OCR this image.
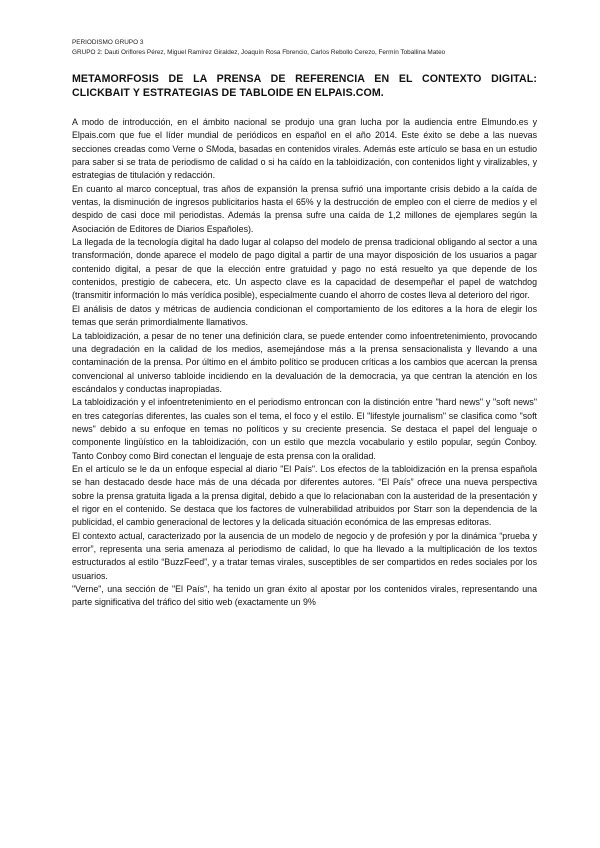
PERIODISMO GRUPO 3
GRUPO 2: Dauti Oriflores Pérez, Miguel Ramírez Giraldez, Joaquín Rosa Fbrencio, Carlos Rebollo Cerezo, Fermín Toballina Mateo
METAMORFOSIS DE LA PRENSA DE REFERENCIA EN EL CONTEXTO DIGITAL: CLICKBAIT Y ESTRATEGIAS DE TABLOIDE EN ELPAIS.COM.

A modo de introducción, en el ámbito nacional se produjo una gran lucha por la audiencia entre Elmundo.es y Elpais.com que fue el líder mundial de periódicos en español en el año 2014. Este éxito se debe a las nuevas secciones creadas como Verne o SModa, basadas en contenidos virales. Además este artículo se basa en un estudio para saber si se trata de periodismo de calidad o si ha caído en la tabloidización, con contenidos light y viralizables, y estrategias de titulación y redacción.

En cuanto al marco conceptual, tras años de expansión la prensa sufrió una importante crisis debido a la caída de ventas, la disminución de ingresos publicitarios hasta el 65% y la destrucción de empleo con el cierre de medios y el despido de casi doce mil periodistas. Además la prensa sufre una caída de 1,2 millones de ejemplares según la Asociación de Editores de Diarios Españoles).

La llegada de la tecnología digital ha dado lugar al colapso del modelo de prensa tradicional obligando al sector a una transformación, donde aparece el modelo de pago digital a partir de una mayor disposición de los usuarios a pagar contenido digital, a pesar de que la elección entre gratuidad y pago no está resuelto ya que depende de los contenidos, prestigio de cabecera, etc. Un aspecto clave es la capacidad de desempeñar el papel de watchdog (transmitir información lo más verídica posible), especialmente cuando el ahorro de costes lleva al deterioro del rigor.

El análisis de datos y métricas de audiencia condicionan el comportamiento de los editores a la hora de elegir los temas que serán primordialmente llamativos.

La tabloidización, a pesar de no tener una definición clara, se puede entender como infoentretenimiento, provocando una degradación en la calidad de los medios, asemejándose más a la prensa sensacionalista y llevando a una contaminación de la prensa. Por último en el ámbito político se producen críticas a los cambios que acercan la prensa convencional al universo tabloide incidiendo en la devaluación de la democracia, ya que centran la atención en los escándalos y conductas inapropiadas.

La tabloidización y el infoentretenimiento en el periodismo entroncan con la distinción entre "hard news" y "soft news" en tres categorías diferentes, las cuales son el tema, el foco y el estilo. El "lifestyle journalism" se clasifica como "soft news" debido a su enfoque en temas no políticos y su creciente presencia. Se destaca el papel del lenguaje o componente lingüístico en la tabloidización, con un estilo que mezcla vocabulario y estilo popular, según Conboy. Tanto Conboy como Bird conectan el lenguaje de esta prensa con la oralidad.

En el artículo se le da un enfoque especial al diario "El País". Los efectos de la tabloidización en la prensa española se han destacado desde hace más de una década por diferentes autores. “El País” ofrece una nueva perspectiva sobre la prensa gratuita ligada a la prensa digital, debido a que lo relacionaban con la austeridad de la presentación y el rigor en el contenido. Se destaca que los factores de vulnerabilidad atribuidos por Starr son la dependencia de la publicidad, el cambio generacional de lectores y la delicada situación económica de las empresas editoras.

El contexto actual, caracterizado por la ausencia de un modelo de negocio y de profesión y por la dinámica “prueba y error”, representa una seria amenaza al periodismo de calidad, lo que ha llevado a la multiplicación de los textos estructurados al estilo “BuzzFeed”, y a tratar temas virales, susceptibles de ser compartidos en redes sociales por los usuarios.

"Verne", una sección de "El País", ha tenido un gran éxito al apostar por los contenidos virales, representando una parte significativa del tráfico del sitio web (exactamente un 9%
